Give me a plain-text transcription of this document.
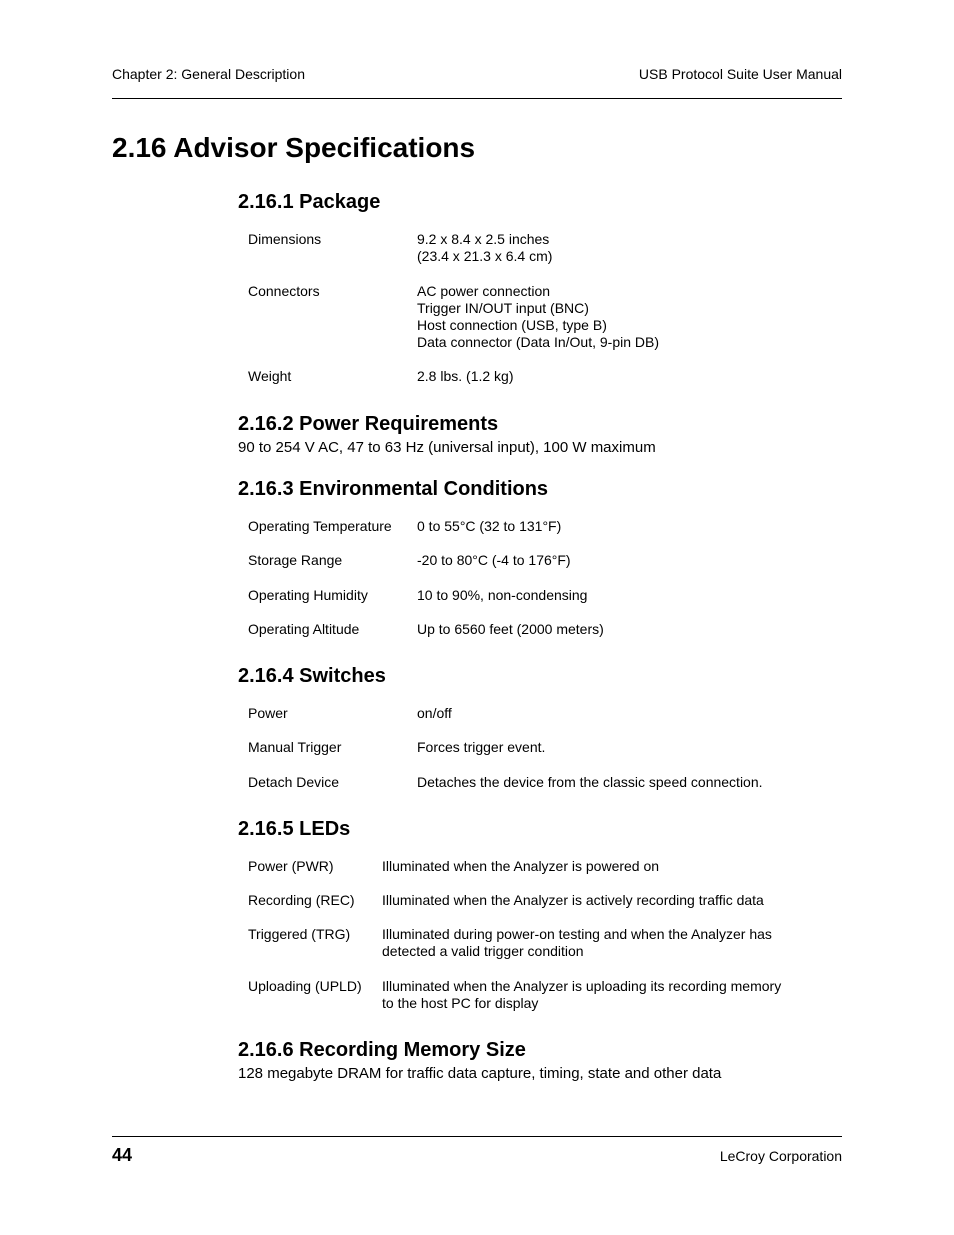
Chapter 2: General Description	USB Protocol Suite User Manual
2.16 Advisor Specifications
2.16.1 Package
Dimensions	9.2 x 8.4 x 2.5 inches
(23.4 x 21.3 x 6.4 cm)
Connectors	AC power connection
Trigger IN/OUT input (BNC)
Host connection (USB, type B)
Data connector (Data In/Out, 9-pin DB)
Weight	2.8 lbs. (1.2 kg)
2.16.2 Power Requirements
90 to 254 V AC, 47 to 63 Hz (universal input), 100 W maximum
2.16.3 Environmental Conditions
Operating Temperature 0 to 55°C (32 to 131°F)
Storage Range	-20 to 80°C (-4 to 176°F)
Operating Humidity	10 to 90%, non-condensing
Operating Altitude	Up to 6560 feet (2000 meters)
2.16.4 Switches
Power	on/off
Manual Trigger	Forces trigger event.
Detach Device	Detaches the device from the classic speed connection.
2.16.5 LEDs
Power (PWR)	Illuminated when the Analyzer is powered on
Recording (REC) Illuminated when the Analyzer is actively recording traffic data
Triggered (TRG) Illuminated during power-on testing and when the Analyzer has
detected a valid trigger condition
Uploading (UPLD) Illuminated when the Analyzer is uploading its recording memory
to the host PC for display
2.16.6 Recording Memory Size
128 megabyte DRAM for traffic data capture, timing, state and other data
44	LeCroy Corporation
